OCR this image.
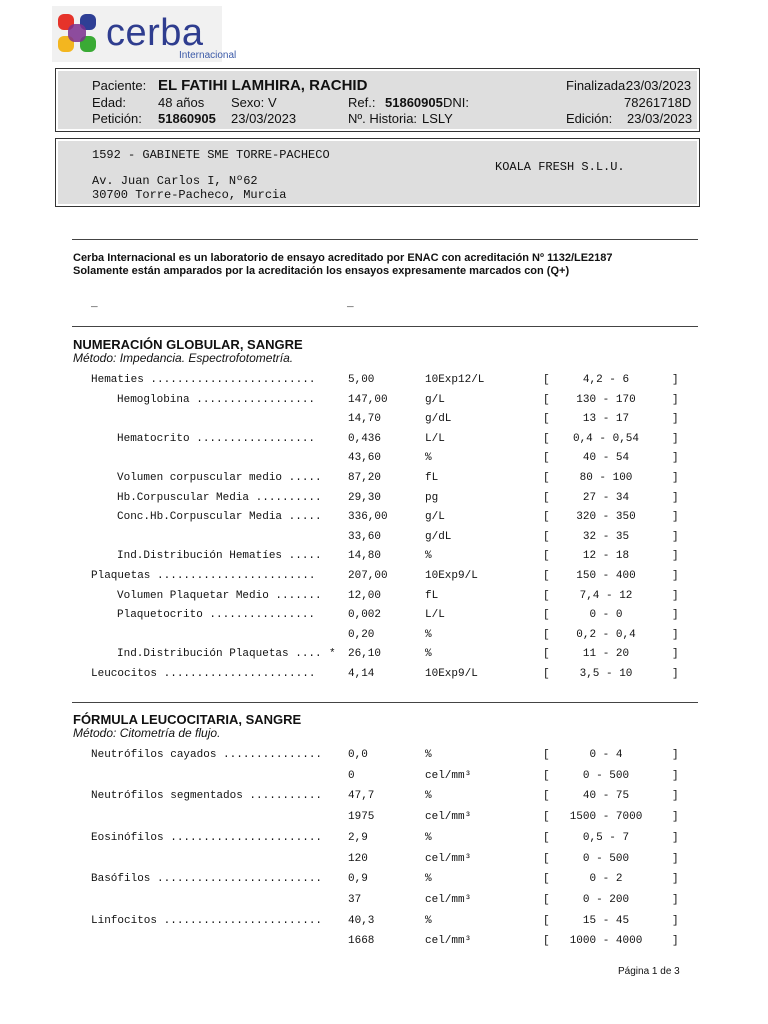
cerba
Internacional
Paciente: EL FATIHI LAMHIRA, RACHID	Finalizada:
23/03/2023
Edad: 48 años Sexo: V	Ref.: 51860905 DNI:	78261718D
Petición: 51860905 23/03/2023	Nº. Historia: LSLY	Edición: 23/03/2023
1592 - GABINETE SME TORRE-PACHECO
KOALA FRESH S.L.U.
Av. Juan Carlos I, Nº62
30700 Torre-Pacheco, Murcia
Cerba Internacional es un laboratorio de ensayo acreditado por ENAC con acreditación Nº 1132/LE2187
Solamente están amparados por la acreditación los ensayos expresamente marcados con (Q+)
_	_
NUMERACIÓN GLOBULAR, SANGRE
Método: Impedancia. Espectrofotometría.
Hematies .........................	5,00	10Exp12/L	[	4,2 - 6	]
Hemoglobina ..................	147,00	g/L	[	130 - 170	]
14,70	g/dL	[	13 - 17	]
Hematocrito ..................	0,436	L/L	[	0,4 - 0,54	]
43,60	%	[	40 - 54	]
Volumen corpuscular medio ..... 87,20	fL	[	80 - 100	]
Hb.Corpuscular Media .......... 29,30	pg	[	27 - 34	]
Conc.Hb.Corpuscular Media ..... 336,00	g/L	[	320 - 350	]
33,60	g/dL	[	32 - 35	]
Ind.Distribución Hematíes ..... 14,80	%	[	12 - 18	]
Plaquetas ........................	207,00	10Exp9/L	[	150 - 400	]
Volumen Plaquetar Medio ....... 12,00	fL	[	7,4 - 12	]
Plaquetocrito ................	0,002	L/L	[	0 - 0	]
0,20	%	[	0,2 - 0,4	]
Ind.Distribución Plaquetas .... * 26,10	%	[	11 - 20	]
Leucocitos .......................	4,14	10Exp9/L	[	3,5 - 10	]
FÓRMULA LEUCOCITARIA, SANGRE
Método: Citometría de flujo.
Neutrófilos cayados ............... 0,0	%	[	0 - 4	]
0	cel/mm³	[	0 - 500	]
Neutrófilos segmentados ........... 47,7	%	[	40 - 75	]
1975	cel/mm³	[	1500 - 7000	]
Eosinófilos ....................... 2,9	%	[	0,5 - 7	]
120	cel/mm³	[	0 - 500	]
Basófilos ......................... 0,9	%	[	0 - 2	]
37	cel/mm³	[	0 - 200	]
Linfocitos ........................ 40,3	%	[	15 - 45	]
1668	cel/mm³	[	1000 - 4000	]
Página 1 de 3
